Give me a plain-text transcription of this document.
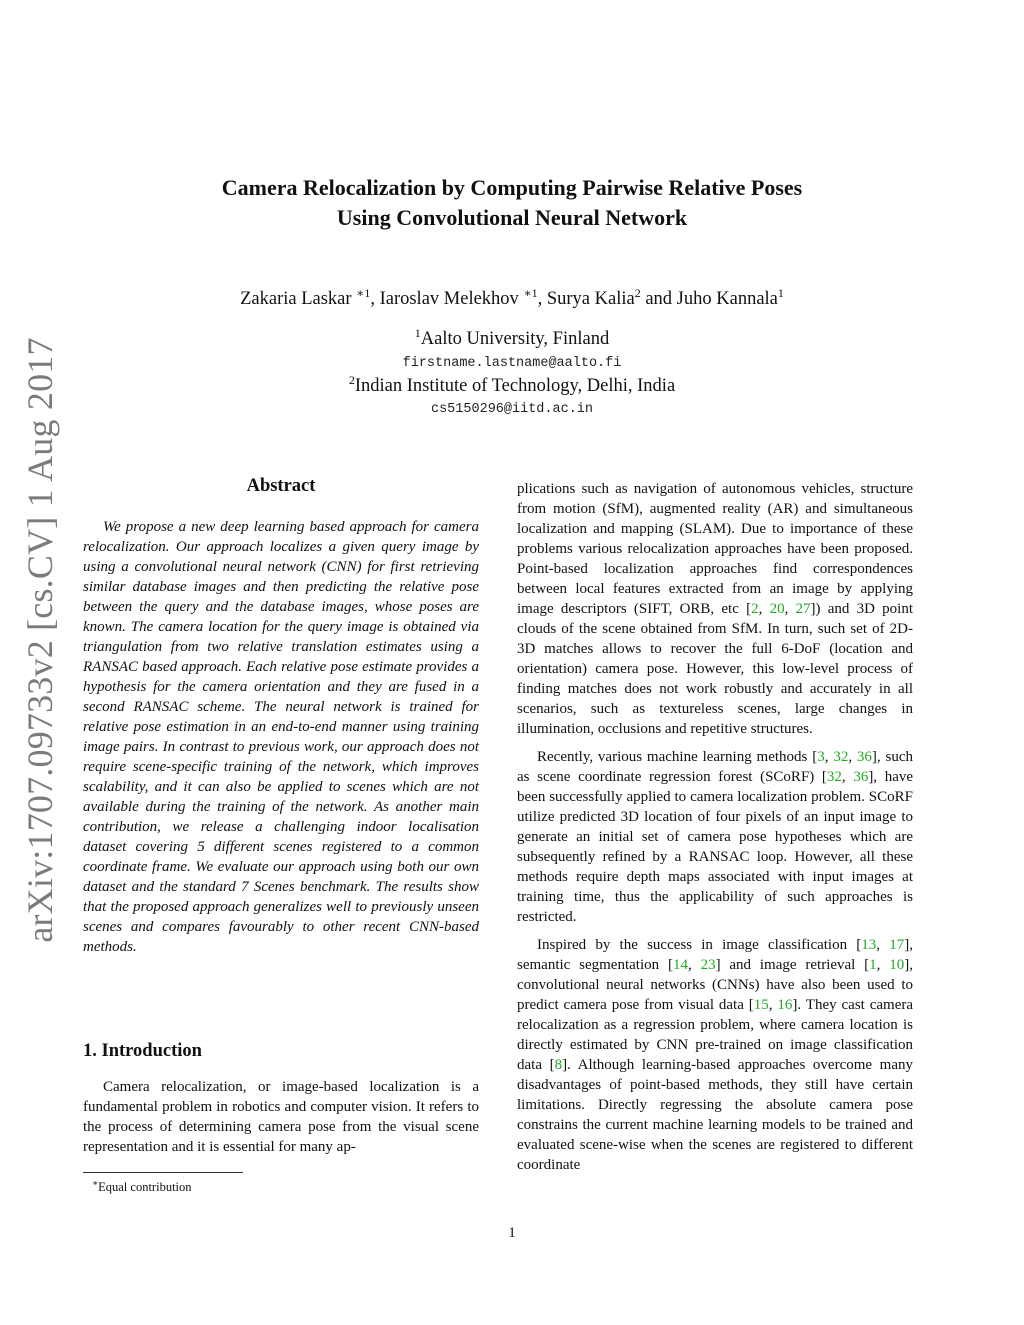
arXiv:1707.09733v2 [cs.CV] 1 Aug 2017
Camera Relocalization by Computing Pairwise Relative Poses
Using Convolutional Neural Network
Zakaria Laskar $^{∗1}$, Iaroslav Melekhov $^{∗1}$, Surya Kalia$^2$ and Juho Kannala$^1$
$^1$Aalto University, Finland
firstname.lastname@aalto.fi
$^2$Indian Institute of Technology, Delhi, India
cs5150296@iitd.ac.in
Abstract
We propose a new deep learning based approach for camera relocalization. Our approach localizes a given query image by using a convolutional neural network (CNN) for first retrieving similar database images and then predicting the relative pose between the query and the database images, whose poses are known. The camera location for the query image is obtained via triangulation from two relative translation estimates using a RANSAC based approach. Each relative pose estimate provides a hypothesis for the camera orientation and they are fused in a second RANSAC scheme. The neural network is trained for relative pose estimation in an end-to-end manner using training image pairs. In contrast to previous work, our approach does not require scene-specific training of the network, which improves scalability, and it can also be applied to scenes which are not available during the training of the network. As another main contribution, we release a challenging indoor localisation dataset covering 5 different scenes registered to a common coordinate frame. We evaluate our approach using both our own dataset and the standard 7 Scenes benchmark. The results show that the proposed approach generalizes well to previously unseen scenes and compares favourably to other recent CNN-based methods.
1. Introduction
Camera relocalization, or image-based localization is a fundamental problem in robotics and computer vision. It refers to the process of determining camera pose from the visual scene representation and it is essential for many ap-
plications such as navigation of autonomous vehicles, structure from motion (SfM), augmented reality (AR) and simultaneous localization and mapping (SLAM). Due to importance of these problems various relocalization approaches have been proposed. Point-based localization approaches find correspondences between local features extracted from an image by applying image descriptors (SIFT, ORB, etc [2, 20, 27]) and 3D point clouds of the scene obtained from SfM. In turn, such set of 2D-3D matches allows to recover the full 6-DoF (location and orientation) camera pose. However, this low-level process of finding matches does not work robustly and accurately in all scenarios, such as textureless scenes, large changes in illumination, occlusions and repetitive structures.
Recently, various machine learning methods [3, 32, 36], such as scene coordinate regression forest (SCoRF) [32, 36], have been successfully applied to camera localization problem. SCoRF utilize predicted 3D location of four pixels of an input image to generate an initial set of camera pose hypotheses which are subsequently refined by a RANSAC loop. However, all these methods require depth maps associated with input images at training time, thus the applicability of such approaches is restricted.
Inspired by the success in image classification [13, 17], semantic segmentation [14, 23] and image retrieval [1, 10], convolutional neural networks (CNNs) have also been used to predict camera pose from visual data [15, 16]. They cast camera relocalization as a regression problem, where camera location is directly estimated by CNN pre-trained on image classification data [8]. Although learning-based approaches overcome many disadvantages of point-based methods, they still have certain limitations. Directly regressing the absolute camera pose constrains the current machine learning models to be trained and evaluated scene-wise when the scenes are registered to different coordinate
∗Equal contribution
1
